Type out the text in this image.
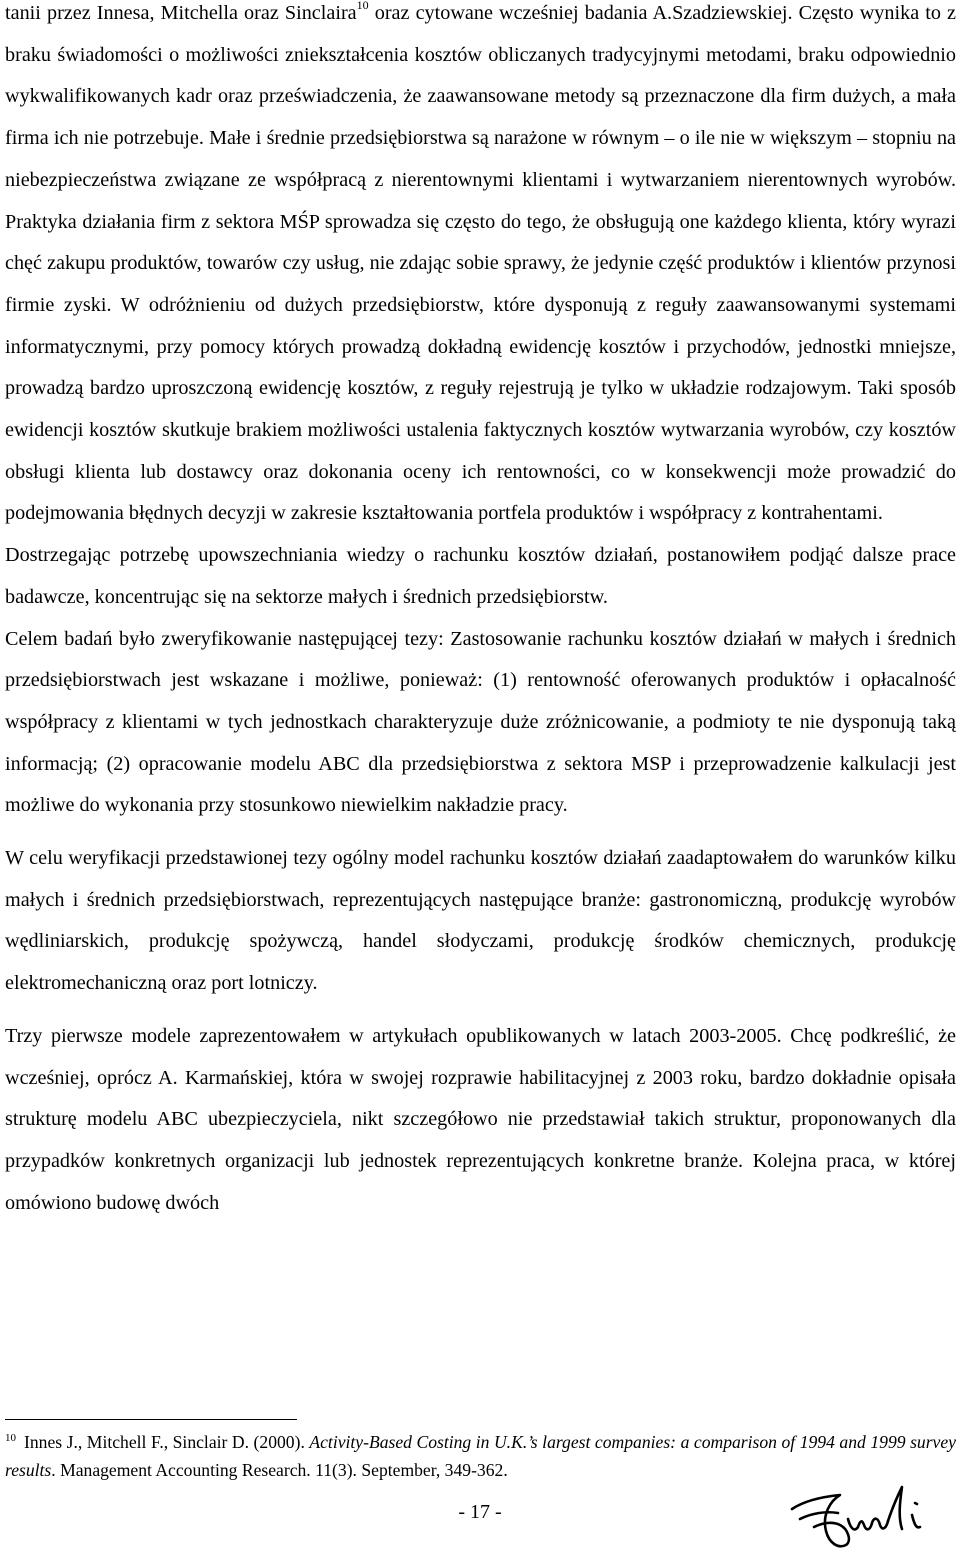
tanii przez Innesa, Mitchella oraz Sinclaira$^{10}$ oraz cytowane wcześniej badania A.Szadziewskiej. Często wynika to z braku świadomości o możliwości zniekształcenia kosztów obliczanych tradycyjnymi metodami, braku odpowiednio wykwalifikowanych kadr oraz przeświadczenia, że zaawansowane metody są przeznaczone dla firm dużych, a mała firma ich nie potrzebuje. Małe i średnie przedsiębiorstwa są narażone w równym – o ile nie w większym – stopniu na niebezpieczeństwa związane ze współpracą z nierentownymi klientami i wytwarzaniem nierentownych wyrobów. Praktyka działania firm z sektora MŚP sprowadza się często do tego, że obsługują one każdego klienta, który wyrazi chęć zakupu produktów, towarów czy usług, nie zdając sobie sprawy, że jedynie część produktów i klientów przynosi firmie zyski. W odróżnieniu od dużych przedsiębiorstw, które dysponują z reguły zaawansowanymi systemami informatycznymi, przy pomocy których prowadzą dokładną ewidencję kosztów i przychodów, jednostki mniejsze, prowadzą bardzo uproszczoną ewidencję kosztów, z reguły rejestrują je tylko w układzie rodzajowym. Taki sposób ewidencji kosztów skutkuje brakiem możliwości ustalenia faktycznych kosztów wytwarzania wyrobów, czy kosztów obsługi klienta lub dostawcy oraz dokonania oceny ich rentowności, co w konsekwencji może prowadzić do podejmowania błędnych decyzji w zakresie kształtowania portfela produktów i współpracy z kontrahentami.

Dostrzegając potrzebę upowszechniania wiedzy o rachunku kosztów działań, postanowiłem podjąć dalsze prace badawcze, koncentrując się na sektorze małych i średnich przedsiębiorstw.

Celem badań było zweryfikowanie następującej tezy: Zastosowanie rachunku kosztów działań w małych i średnich przedsiębiorstwach jest wskazane i możliwe, ponieważ: (1) rentowność oferowanych produktów i opłacalność współpracy z klientami w tych jednostkach charakteryzuje duże zróżnicowanie, a podmioty te nie dysponują taką informacją; (2) opracowanie modelu ABC dla przedsiębiorstwa z sektora MSP i przeprowadzenie kalkulacji jest możliwe do wykonania przy stosunkowo niewielkim nakładzie pracy.

W celu weryfikacji przedstawionej tezy ogólny model rachunku kosztów działań zaadaptowałem do warunków kilku małych i średnich przedsiębiorstwach, reprezentujących następujące branże: gastronomiczną, produkcję wyrobów wędliniarskich, produkcję spożywczą, handel słodyczami, produkcję środków chemicznych, produkcję elektromechaniczną oraz port lotniczy.

Trzy pierwsze modele zaprezentowałem w artykułach opublikowanych w latach 2003-2005. Chcę podkreślić, że wcześniej, oprócz A. Karmańskiej, która w swojej rozprawie habilitacyjnej z 2003 roku, bardzo dokładnie opisała strukturę modelu ABC ubezpieczyciela, nikt szczegółowo nie przedstawiał takich struktur, proponowanych dla przypadków konkretnych organizacji lub jednostek reprezentujących konkretne branże. Kolejna praca, w której omówiono budowę dwóch

$^{10}$ Innes J., Mitchell F., Sinclair D. (2000). Activity-Based Costing in U.K.’s largest companies: a comparison of 1994 and 1999 survey results. Management Accounting Research. 11(3). September, 349-362.
- 17 -
